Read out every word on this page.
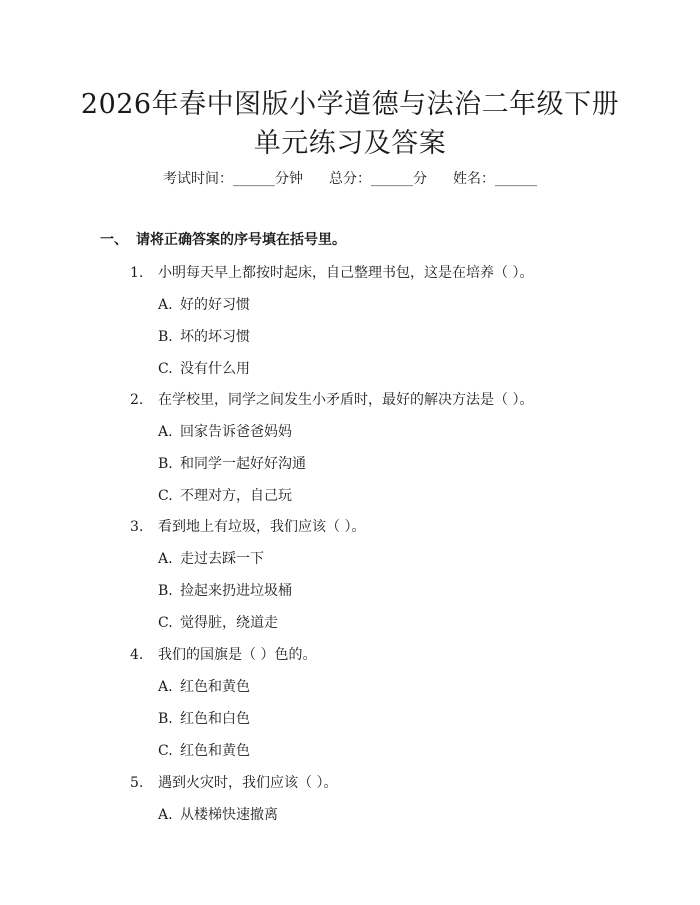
2026年春中图版小学道德与法治二年级下册
单元练习及答案
考试时间：______分钟 总分：______分 姓名：______
一、 请将正确答案的序号填在括号里。
1. 小明每天早上都按时起床，自己整理书包，这是在培养（ ）。
A. 好的好习惯
B. 坏的坏习惯
C. 没有什么用
2. 在学校里，同学之间发生小矛盾时，最好的解决方法是（ ）。
A. 回家告诉爸爸妈妈
B. 和同学一起好好沟通
C. 不理对方，自己玩
3. 看到地上有垃圾，我们应该（ ）。
A. 走过去踩一下
B. 捡起来扔进垃圾桶
C. 觉得脏，绕道走
4. 我们的国旗是（ ）色的。
A. 红色和黄色
B. 红色和白色
C. 红色和黄色
5. 遇到火灾时，我们应该（ ）。
A. 从楼梯快速撤离
